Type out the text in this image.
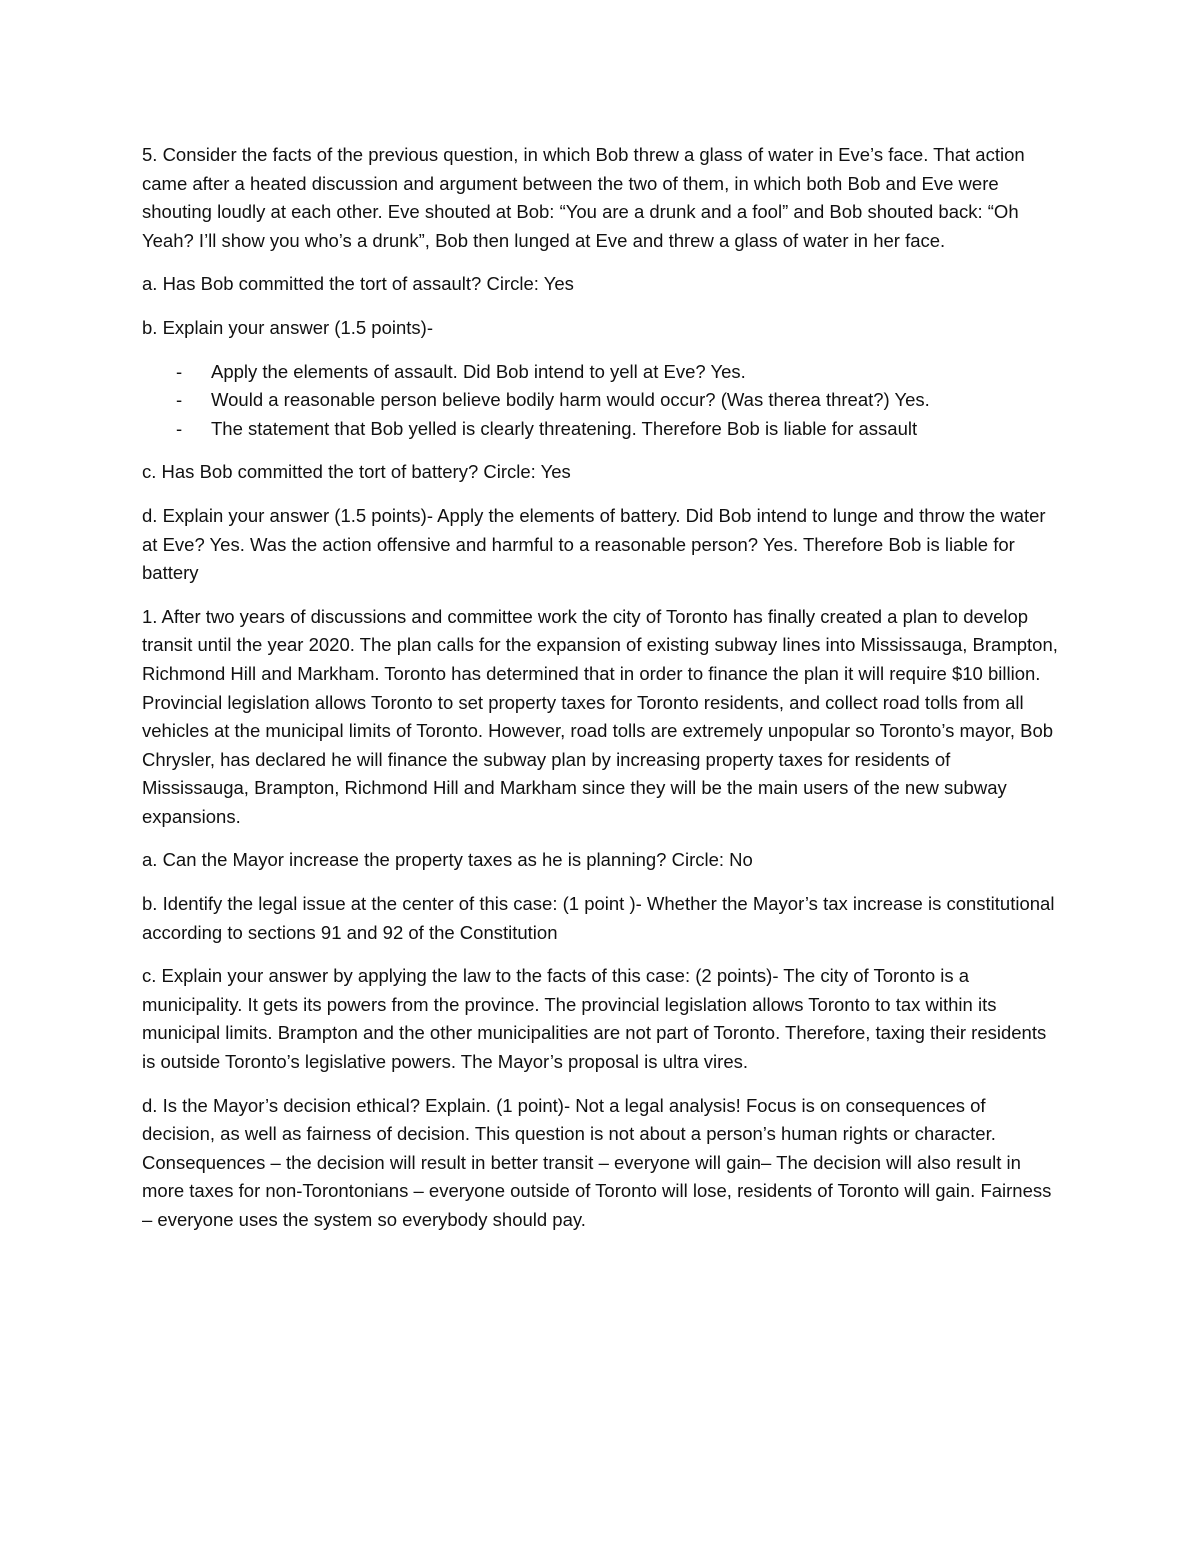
5. Consider the facts of the previous question, in which Bob threw a glass of water in Eve’s face. That action came after a heated discussion and argument between the two of them, in which both Bob and Eve were shouting loudly at each other. Eve shouted at Bob: “You are a drunk and a fool” and Bob shouted back: “Oh Yeah? I’ll show you who’s a drunk”, Bob then lunged at Eve and threw a glass of water in her face.

a. Has Bob committed the tort of assault? Circle: Yes

b. Explain your answer (1.5 points)-

- Apply the elements of assault. Did Bob intend to yell at Eve? Yes.
- Would a reasonable person believe bodily harm would occur? (Was therea threat?) Yes.
- The statement that Bob yelled is clearly threatening. Therefore Bob is liable for assault

c. Has Bob committed the tort of battery? Circle: Yes

d. Explain your answer (1.5 points)- Apply the elements of battery. Did Bob intend to lunge and throw the water at Eve? Yes. Was the action offensive and harmful to a reasonable person? Yes. Therefore Bob is liable for battery

1. After two years of discussions and committee work the city of Toronto has finally created a plan to develop transit until the year 2020. The plan calls for the expansion of existing subway lines into Mississauga, Brampton, Richmond Hill and Markham. Toronto has determined that in order to finance the plan it will require $10 billion. Provincial legislation allows Toronto to set property taxes for Toronto residents, and collect road tolls from all vehicles at the municipal limits of Toronto. However, road tolls are extremely unpopular so Toronto’s mayor, Bob Chrysler, has declared he will finance the subway plan by increasing property taxes for residents of Mississauga, Brampton, Richmond Hill and Markham since they will be the main users of the new subway expansions.

a. Can the Mayor increase the property taxes as he is planning? Circle: No

b. Identify the legal issue at the center of this case: (1 point )- Whether the Mayor’s tax increase is constitutional according to sections 91 and 92 of the Constitution

c. Explain your answer by applying the law to the facts of this case: (2 points)- The city of Toronto is a municipality. It gets its powers from the province. The provincial legislation allows Toronto to tax within its municipal limits. Brampton and the other municipalities are not part of Toronto. Therefore, taxing their residents is outside Toronto’s legislative powers. The Mayor’s proposal is ultra vires.

d. Is the Mayor’s decision ethical? Explain. (1 point)- Not a legal analysis! Focus is on consequences of decision, as well as fairness of decision. This question is not about a person’s human rights or character. Consequences – the decision will result in better transit – everyone will gain– The decision will also result in more taxes for non-Torontonians – everyone outside of Toronto will lose, residents of Toronto will gain. Fairness – everyone uses the system so everybody should pay.
